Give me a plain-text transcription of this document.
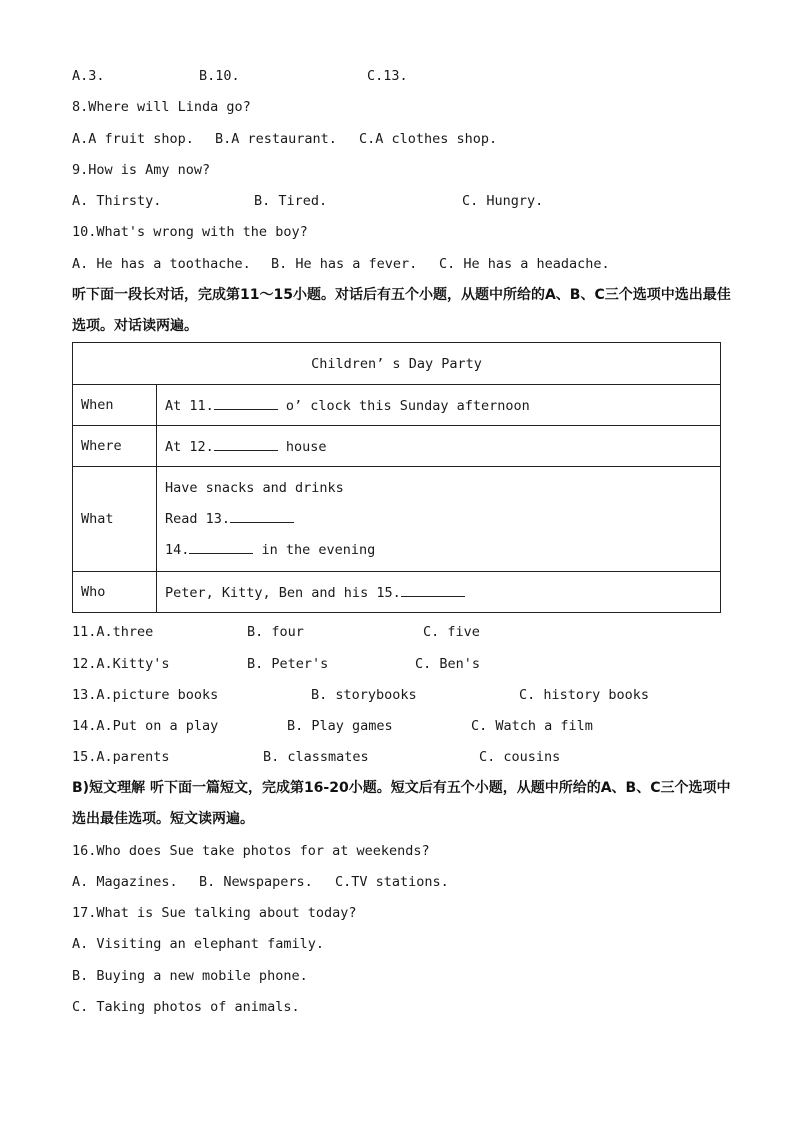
A.3.	B.10.	C.13.
8.Where will Linda go?
A.A fruit shop. B.A restaurant. C.A clothes shop.
9.How is Amy now?
A. Thirsty.	B. Tired.	C. Hungry.
10.What's wrong with the boy?
A. He has a toothache. B. He has a fever. C. He has a headache.
听下面一段长对话，完成第11～15小题。对话后有五个小题，从题中所给的A、B、C三个选项中选出最佳选项。对话读两遍。
Children’ s Day Party	
When	At 11. o’ clock this Sunday afternoon
Where	At 12. house
What	Have snacks and drinks
Read 13.
14. in the evening

Who	Peter, Kitty, Ben and his 15.
11.A.three	B. four	C. five
12.A.Kitty's	B. Peter's	C. Ben's
13.A.picture books	B. storybooks	C. history books
14.A.Put on a play	B. Play games	C. Watch a film
15.A.parents	B. classmates	C. cousins
B)短文理解 听下面一篇短文，完成第16-20小题。短文后有五个小题，从题中所给的A、B、C三个选项中选出最佳选项。短文读两遍。
16.Who does Sue take photos for at weekends?
A. Magazines. B. Newspapers. C.TV stations.
17.What is Sue talking about today?
A. Visiting an elephant family.
B. Buying a new mobile phone.
C. Taking photos of animals.
